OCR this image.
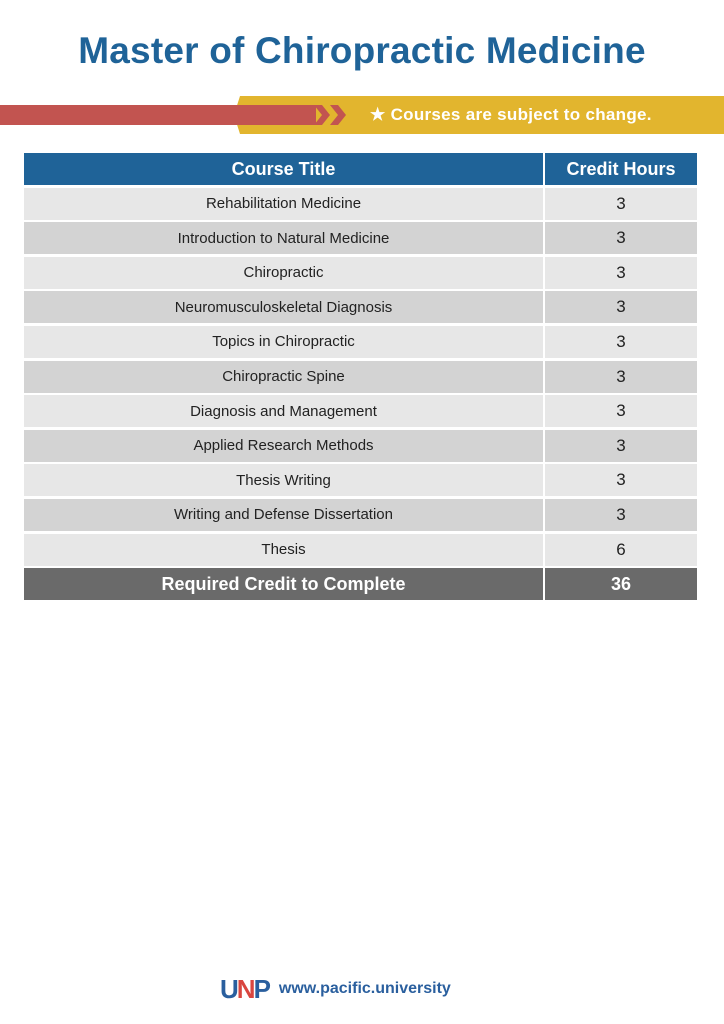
Master of Chiropractic Medicine
★ Courses are subject to change.
Course Title	Credit Hours
Rehabilitation Medicine	3
Introduction to Natural Medicine	3
Chiropractic	3
Neuromusculoskeletal Diagnosis	3
Topics in Chiropractic	3
Chiropractic Spine	3
Diagnosis and Management	3
Applied Research Methods	3
Thesis Writing	3
Writing and Defense Dissertation	3
Thesis	6
Required Credit to Complete	36
U N P www.pacific.university
